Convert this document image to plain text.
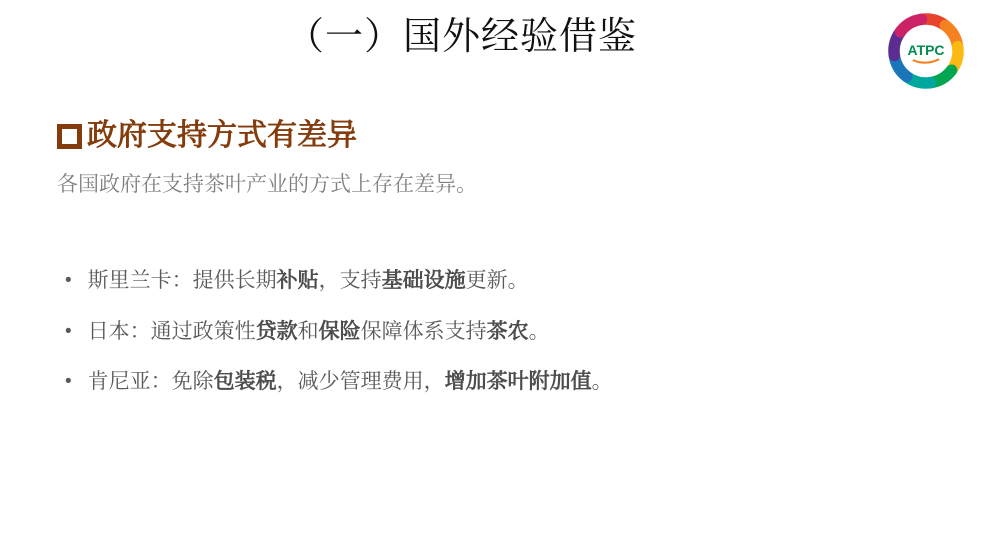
（一）国外经验借鉴	ATPC
政府支持方式有差异
各国政府在支持茶叶产业的方式上存在差异。
• 斯里兰卡：提供长期补贴，支持基础设施更新。
• 日本：通过政策性贷款和保险保障体系支持茶农。
• 肯尼亚：免除包装税，减少管理费用，增加茶叶附加值。
